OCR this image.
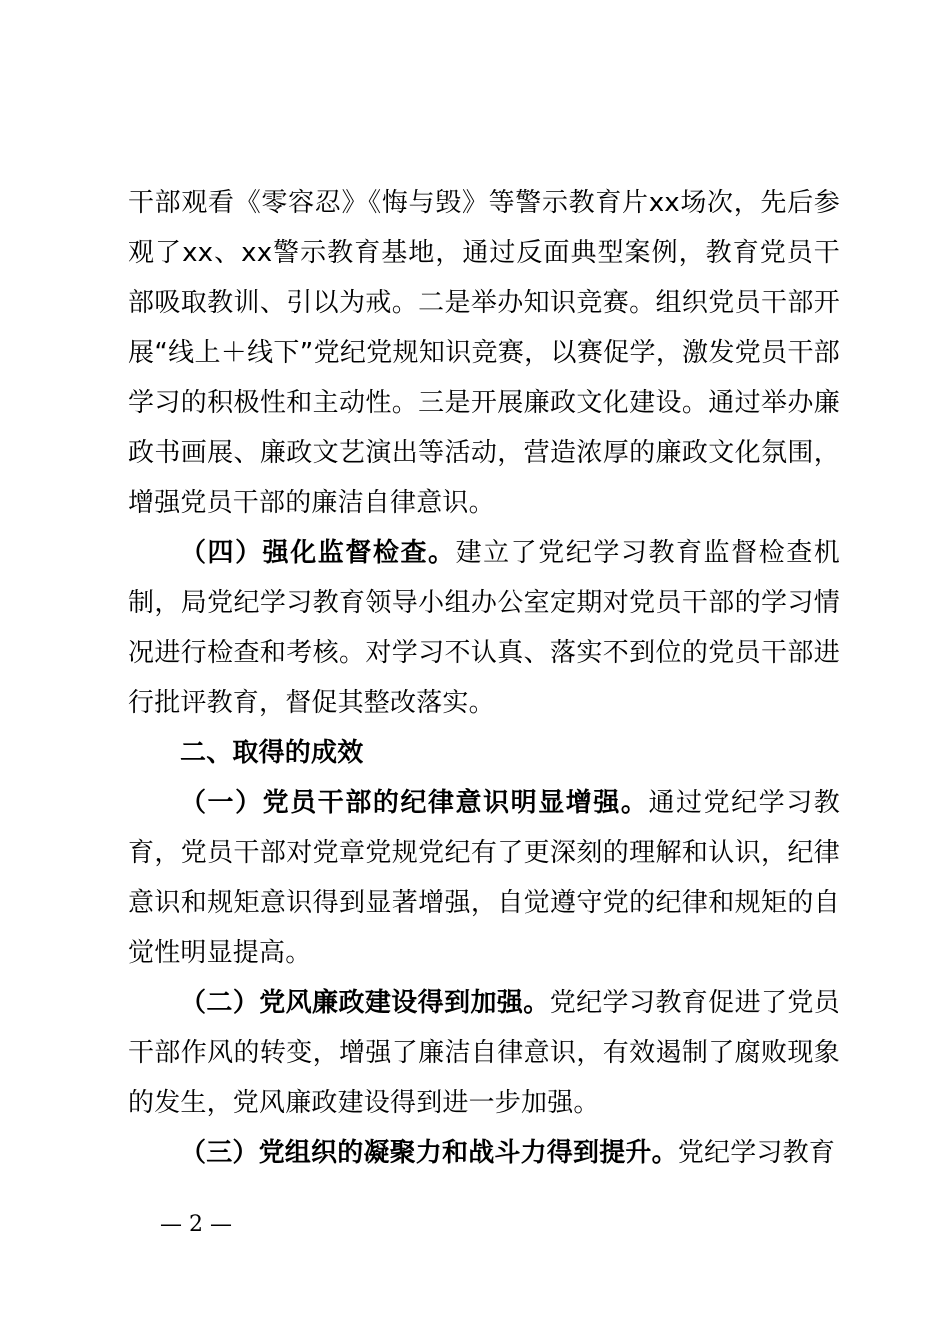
干部观看《零容忍》《悔与毁》等警示教育片xx场次，先后参观了xx、xx警示教育基地，通过反面典型案例，教育党员干部吸取教训、引以为戒。二是举办知识竞赛。组织党员干部开展“线上＋线下”党纪党规知识竞赛，以赛促学，激发党员干部学习的积极性和主动性。三是开展廉政文化建设。通过举办廉政书画展、廉政文艺演出等活动，营造浓厚的廉政文化氛围，增强党员干部的廉洁自律意识。

（四）强化监督检查。建立了党纪学习教育监督检查机制，局党纪学习教育领导小组办公室定期对党员干部的学习情况进行检查和考核。对学习不认真、落实不到位的党员干部进行批评教育，督促其整改落实。

二、取得的成效

（一）党员干部的纪律意识明显增强。通过党纪学习教育，党员干部对党章党规党纪有了更深刻的理解和认识，纪律意识和规矩意识得到显著增强，自觉遵守党的纪律和规矩的自觉性明显提高。

（二）党风廉政建设得到加强。党纪学习教育促进了党员干部作风的转变，增强了廉洁自律意识，有效遏制了腐败现象的发生，党风廉政建设得到进一步加强。

（三）党组织的凝聚力和战斗力得到提升。党纪学习教育

— 2 —
